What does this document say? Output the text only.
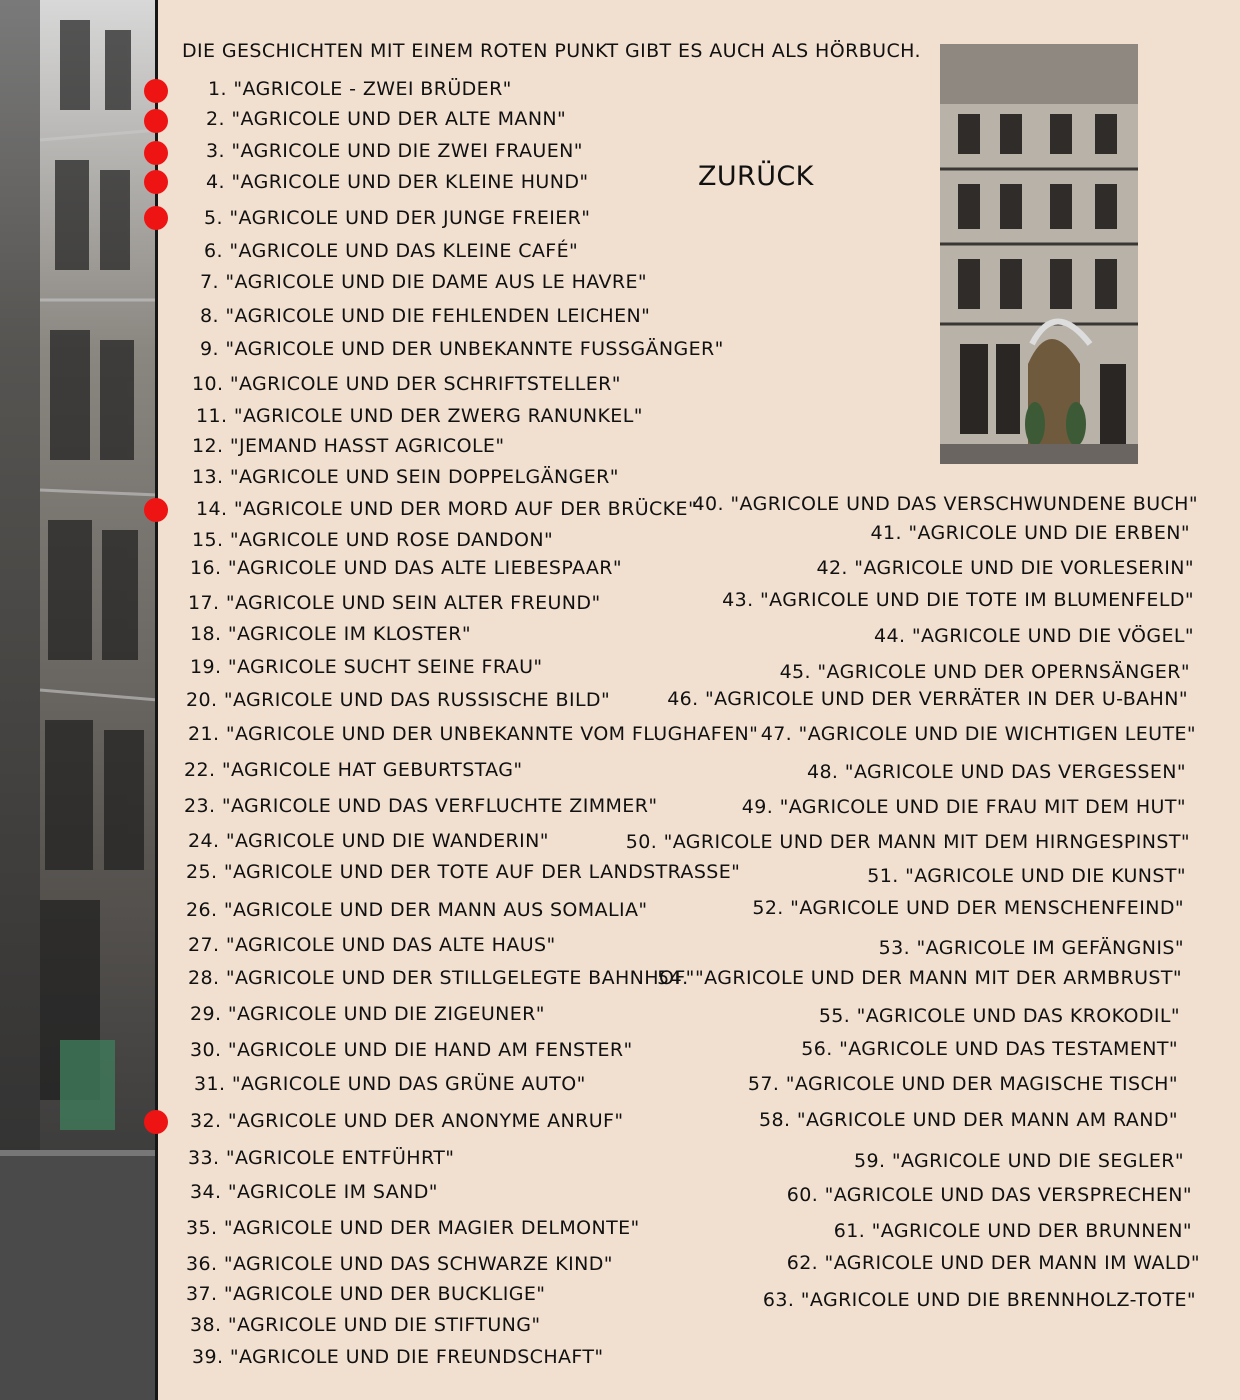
DIE GESCHICHTEN MIT EINEM ROTEN PUNKT GIBT ES AUCH ALS HÖRBUCH.
ZURÜCK
1. "AGRICOLE - ZWEI BRÜDER"
2. "AGRICOLE UND DER ALTE MANN"
3. "AGRICOLE UND DIE ZWEI FRAUEN"
4. "AGRICOLE UND DER KLEINE HUND"
5. "AGRICOLE UND DER JUNGE FREIER"
6. "AGRICOLE UND DAS KLEINE CAFÉ"
7. "AGRICOLE UND DIE DAME AUS LE HAVRE"
8. "AGRICOLE UND DIE FEHLENDEN LEICHEN"
9. "AGRICOLE UND DER UNBEKANNTE FUSSGÄNGER"
10. "AGRICOLE UND DER SCHRIFTSTELLER"
11. "AGRICOLE UND DER ZWERG RANUNKEL"
12. "JEMAND HASST AGRICOLE"
13. "AGRICOLE UND SEIN DOPPELGÄNGER"
14. "AGRICOLE UND DER MORD AUF DER BRÜCKE"
15. "AGRICOLE UND ROSE DANDON"
16. "AGRICOLE UND DAS ALTE LIEBESPAAR"
17. "AGRICOLE UND SEIN ALTER FREUND"
18. "AGRICOLE IM KLOSTER"
19. "AGRICOLE SUCHT SEINE FRAU"
20. "AGRICOLE UND DAS RUSSISCHE BILD"
21. "AGRICOLE UND DER UNBEKANNTE VOM FLUGHAFEN"
22. "AGRICOLE HAT GEBURTSTAG"
23. "AGRICOLE UND DAS VERFLUCHTE ZIMMER"
24. "AGRICOLE UND DIE WANDERIN"
25. "AGRICOLE UND DER TOTE AUF DER LANDSTRASSE"
26. "AGRICOLE UND DER MANN AUS SOMALIA"
27. "AGRICOLE UND DAS ALTE HAUS"
28. "AGRICOLE UND DER STILLGELEGTE BAHNHOF"
29. "AGRICOLE UND DIE ZIGEUNER"
30. "AGRICOLE UND DIE HAND AM FENSTER"
31. "AGRICOLE UND DAS GRÜNE AUTO"
32. "AGRICOLE UND DER ANONYME ANRUF"
33. "AGRICOLE ENTFÜHRT"
34. "AGRICOLE IM SAND"
35. "AGRICOLE UND DER MAGIER DELMONTE"
36. "AGRICOLE UND DAS SCHWARZE KIND"
37. "AGRICOLE UND DER BUCKLIGE"
38. "AGRICOLE UND DIE STIFTUNG"
39. "AGRICOLE UND DIE FREUNDSCHAFT"
40. "AGRICOLE UND DAS VERSCHWUNDENE BUCH"
41. "AGRICOLE UND DIE ERBEN"
42. "AGRICOLE UND DIE VORLESERIN"
43. "AGRICOLE UND DIE TOTE IM BLUMENFELD"
44. "AGRICOLE UND DIE VÖGEL"
45. "AGRICOLE UND DER OPERNSÄNGER"
46. "AGRICOLE UND DER VERRÄTER IN DER U-BAHN"
47. "AGRICOLE UND DIE WICHTIGEN LEUTE"
48. "AGRICOLE UND DAS VERGESSEN"
49. "AGRICOLE UND DIE FRAU MIT DEM HUT"
50. "AGRICOLE UND DER MANN MIT DEM HIRNGESPINST"
51. "AGRICOLE UND DIE KUNST"
52. "AGRICOLE UND DER MENSCHENFEIND"
53. "AGRICOLE IM GEFÄNGNIS"
54. "AGRICOLE UND DER MANN MIT DER ARMBRUST"
55. "AGRICOLE UND DAS KROKODIL"
56. "AGRICOLE UND DAS TESTAMENT"
57. "AGRICOLE UND DER MAGISCHE TISCH"
58. "AGRICOLE UND DER MANN AM RAND"
59. "AGRICOLE UND DIE SEGLER"
60. "AGRICOLE UND DAS VERSPRECHEN"
61. "AGRICOLE UND DER BRUNNEN"
62. "AGRICOLE UND DER MANN IM WALD"
63. "AGRICOLE UND DIE BRENNHOLZ-TOTE"
